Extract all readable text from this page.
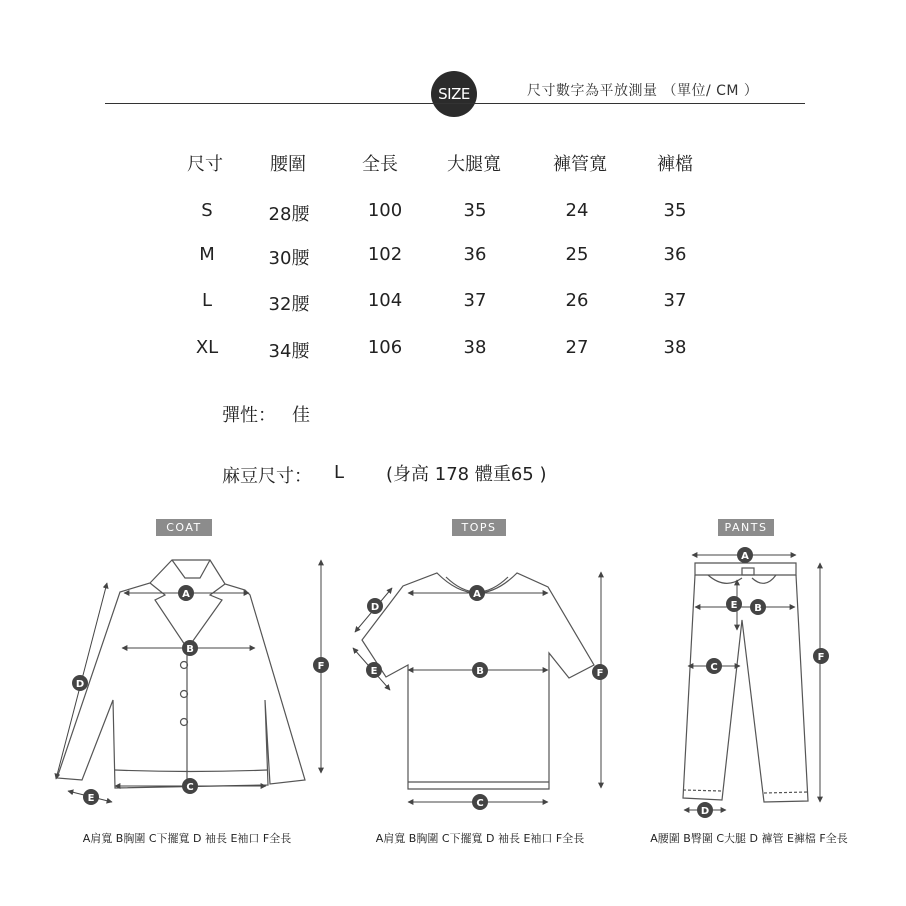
SIZE	尺寸數字為平放測量 （單位/ CM ）
尺寸	腰圍	全長	大腿寬	褲管寬	褲檔
S	28腰	100	35	24	35
M	30腰	102	36	25	36
L	32腰	104	37	26	37
XL	34腰	106	38	27	38
彈性： 佳
麻豆尺寸： L (身高 178 體重65 )
COAT	TOPS	PANTS
A
B
C
D
E
F
A
B
C
D
E	F
A
B
C
D
E
F
A肩寬 B胸圍 C下擺寬 D 袖長 E袖口 F全長	A肩寬 B胸圍 C下擺寬 D 袖長 E袖口 F全長	A腰圍 B臀圍 C大腿 D 褲管 E褲檔 F全長
